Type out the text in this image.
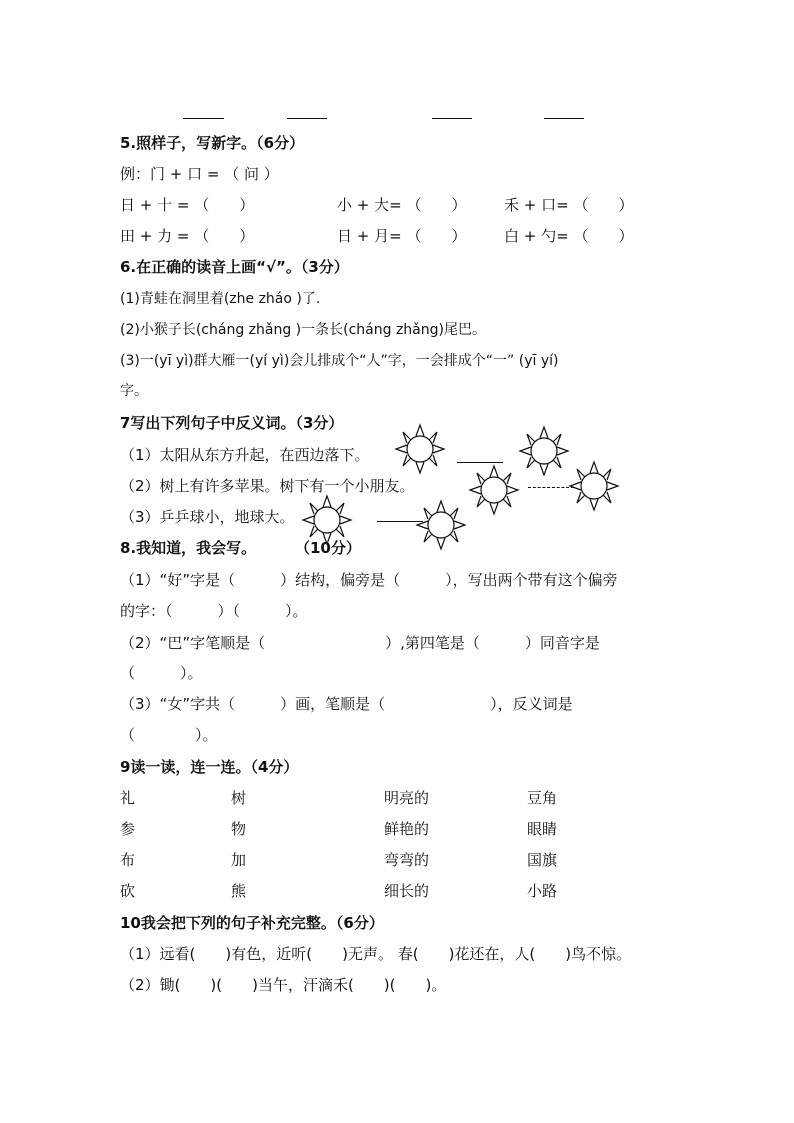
5.照样子，写新字。（6分）
例：门 + 口 = （ 问 ）
日 + 十 = （　　）	小 + 大= （　　）	禾 + 口= （　　）
田 + 力 = （　　）	日 + 月= （　　）	白 + 勺= （　　）
6.在正确的读音上画“√”。（3分）
(1)青蛙在洞里着(zhe zháo )了.
(2)小猴子长(cháng zhǎng )一条长(cháng zhǎng)尾巴。
(3)一(yī yì)群大雁一(yí yì)会儿排成个“人”字，一会排成个“一” (yī yí)
字。
7写出下列句子中反义词。（3分）
（1）太阳从东方升起，在西边落下。
（2）树上有许多苹果。树下有一个小朋友。
（3）乒乒球小，地球大。
8.我知道，我会写。	（10分）
（1）“好”字是（　　　）结构，偏旁是（　　　），写出两个带有这个偏旁
的字：（　　　）（　　　）。
（2）“巴”字笔顺是（　　　　　　　　）,第四笔是（　　　）同音字是
（　　　）。
（3）“女”字共（　　　）画，笔顺是（　　　　　　　），反义词是
（　　　　）。
9读一读，连一连。（4分）
礼	树	明亮的	豆角
参	物	鲜艳的	眼睛
布	加	弯弯的	国旗
砍	熊	细长的	小路
10我会把下列的句子补充完整。（6分）
（1）远看(　　)有色，近听(　　)无声。 春(　　)花还在，人(　　)鸟不惊。
（2）锄(　　)(　　)当午，汗滴禾(　　)(　　)。
